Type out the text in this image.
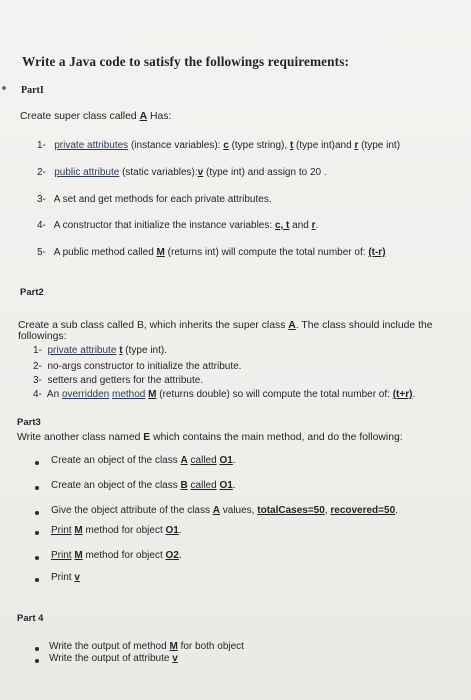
Write a Java code to satisfy the followings requirements:
PartI
Create super class called A Has:
1- private attributes (instance variables): c (type string), t (type int)and r (type int)
2- public attribute (static variables):v (type int) and assign to 20 .
3- A set and get methods for each private attributes.
4- A constructor that initialize the instance variables: c, t and r.
5- A public method called M (returns int) will compute the total number of: (t-r)
Part2
Create a sub class called B, which inherits the super class A. The class should include the
followings:
1- private attribute t (type int).
2- no-args constructor to initialize the attribute.
3- setters and getters for the attribute.
4- An overridden method M (returns double) so will compute the total number of: (t+r).
Part3
Write another class named E which contains the main method, and do the following:
Create an object of the class A called O1.
Create an object of the class B called O1.
Give the object attribute of the class A values, totalCases=50, recovered=50.
Print M method for object O1.
Print M method for object O2.
Print v
Part 4
Write the output of method M for both object
Write the output of attribute v
